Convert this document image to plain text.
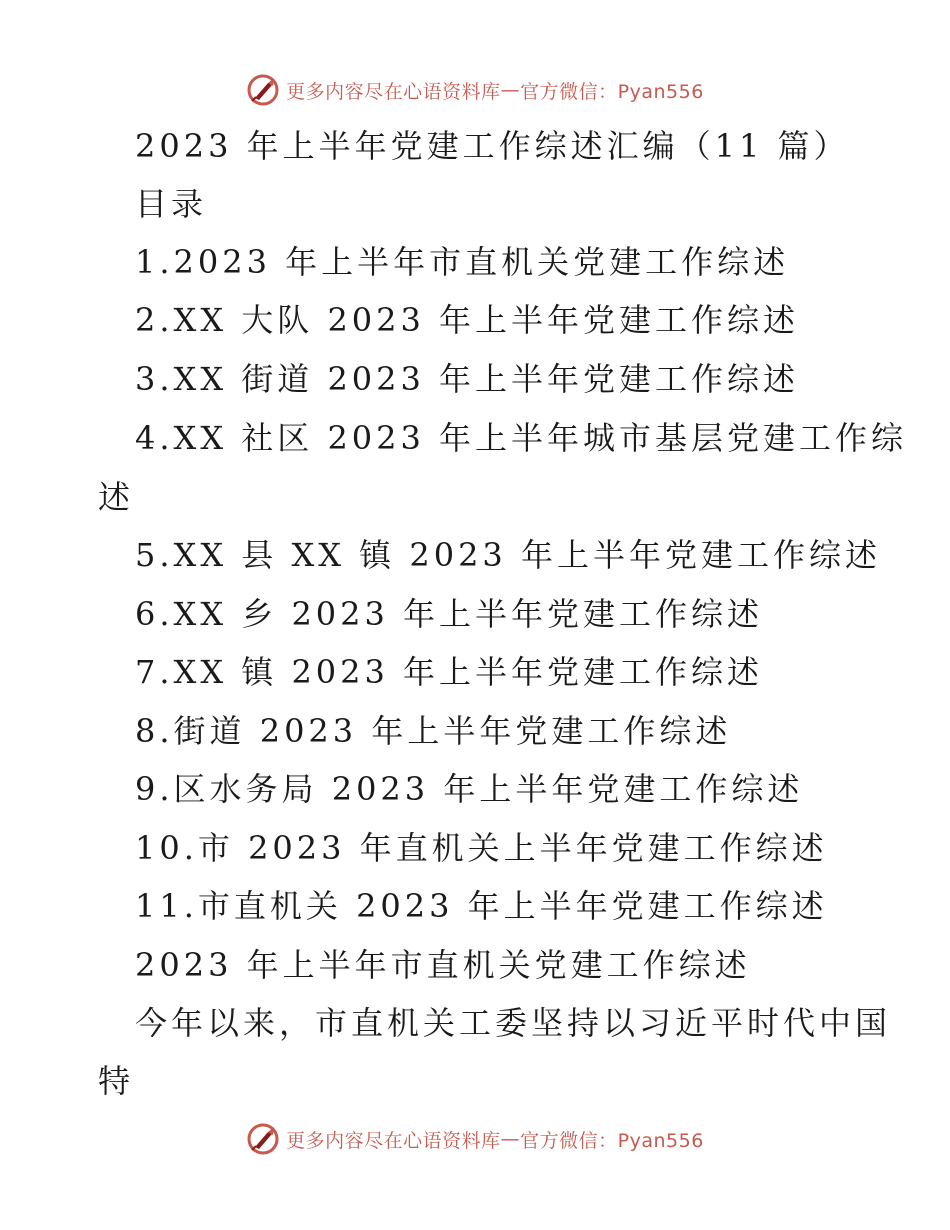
更多内容尽在心语资料库 — 官方微信：Pyan556
2023 年上半年党建工作综述汇编（11 篇）
目录
1.2023 年上半年市直机关党建工作综述
2.XX 大队 2023 年上半年党建工作综述
3.XX 街道 2023 年上半年党建工作综述
4.XX 社区 2023 年上半年城市基层党建工作综
述
5.XX 县 XX 镇 2023 年上半年党建工作综述
6.XX 乡 2023 年上半年党建工作综述
7.XX 镇 2023 年上半年党建工作综述
8.街道 2023 年上半年党建工作综述
9.区水务局 2023 年上半年党建工作综述
10.市 2023 年直机关上半年党建工作综述
11.市直机关 2023 年上半年党建工作综述
2023 年上半年市直机关党建工作综述
今年以来，市直机关工委坚持以习近平时代中国
特
更多内容尽在心语资料库 — 官方微信：Pyan556
